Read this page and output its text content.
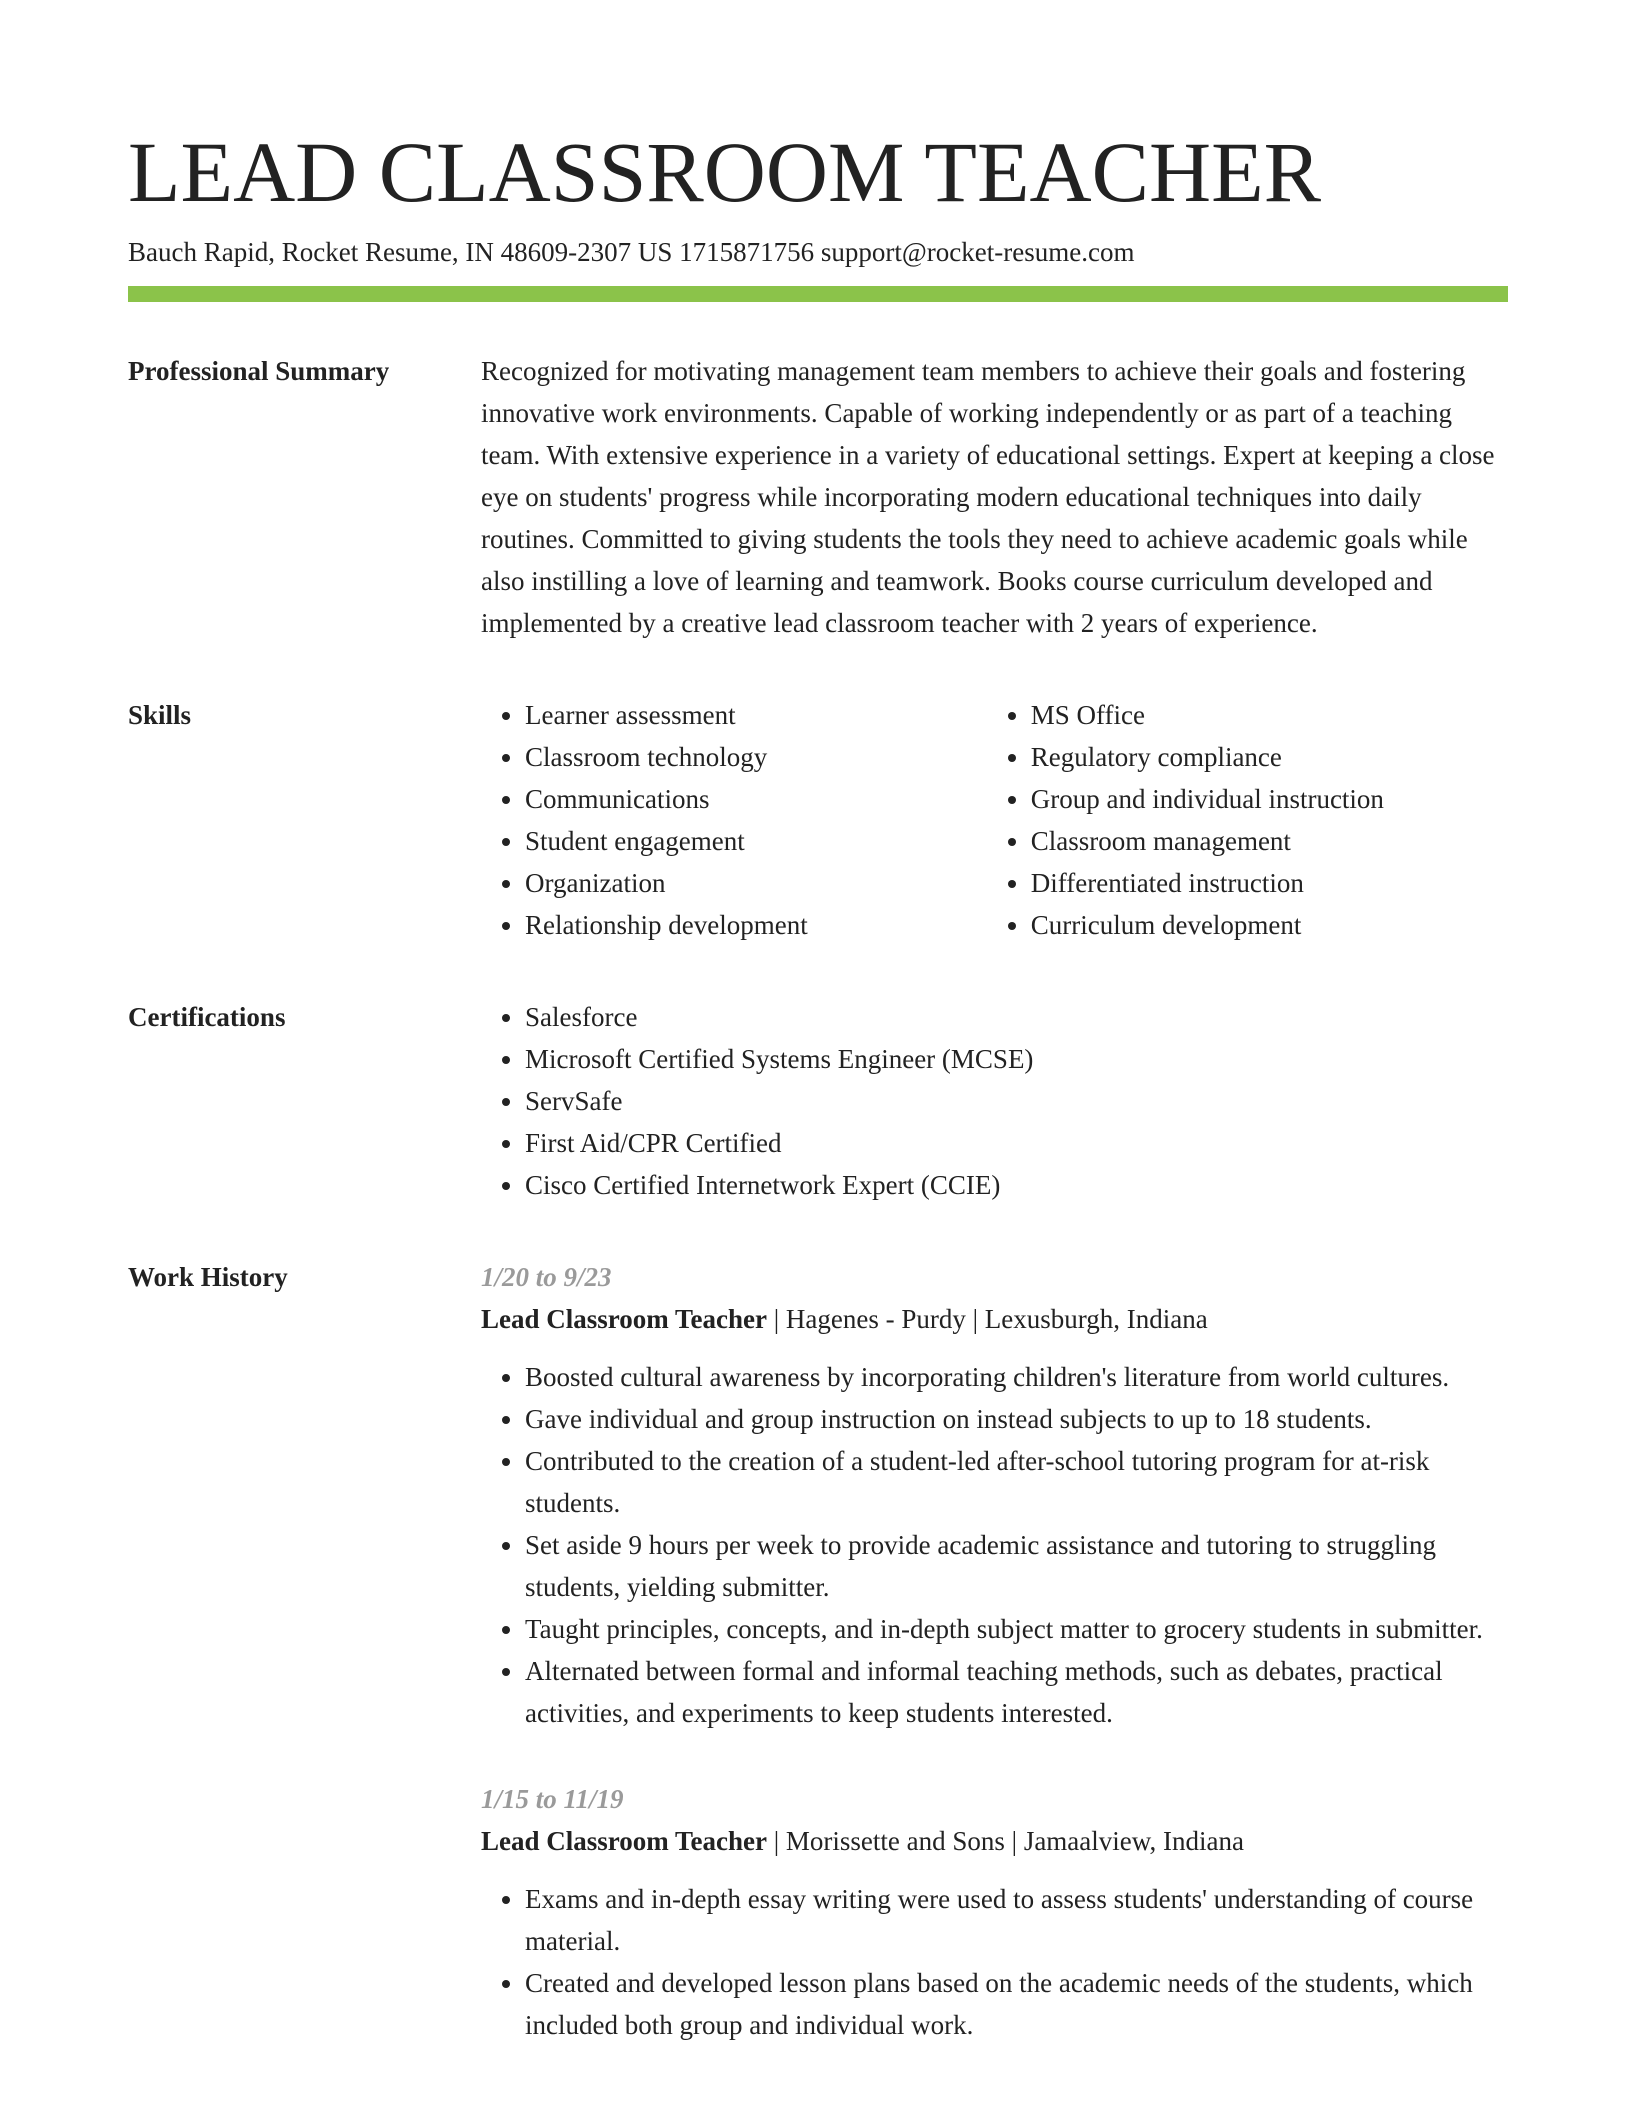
LEAD CLASSROOM TEACHER
Bauch Rapid, Rocket Resume, IN 48609-2307 US 1715871756 support@rocket-resume.com
Professional Summary	Recognized for motivating management team members to achieve their goals and fostering innovative work environments. Capable of working independently or as part of a teaching team. With extensive experience in a variety of educational settings. Expert at keeping a close eye on students' progress while incorporating modern educational techniques into daily routines. Committed to giving students the tools they need to achieve academic goals while also instilling a love of learning and teamwork. Books course curriculum developed and implemented by a creative lead classroom teacher with 2 years of experience.

Skills	• Learner assessment
• Classroom technology
• Communications
• Student engagement
• Organization
• Relationship development
• MS Office
• Regulatory compliance
• Group and individual instruction
• Classroom management
• Differentiated instruction
• Curriculum development
Certifications	• Salesforce
• Microsoft Certified Systems Engineer (MCSE)
• ServSafe
• First Aid/CPR Certified
• Cisco Certified Internetwork Expert (CCIE)
Work History	1/20 to 9/23
Lead Classroom Teacher | Hagenes - Purdy | Lexusburgh, Indiana
• Boosted cultural awareness by incorporating children's literature from world cultures.
• Gave individual and group instruction on instead subjects to up to 18 students.
• Contributed to the creation of a student-led after-school tutoring program for at-risk students.
• Set aside 9 hours per week to provide academic assistance and tutoring to struggling students, yielding submitter.
• Taught principles, concepts, and in-depth subject matter to grocery students in submitter.
• Alternated between formal and informal teaching methods, such as debates, practical activities, and experiments to keep students interested.
1/15 to 11/19
Lead Classroom Teacher | Morissette and Sons | Jamaalview, Indiana
• Exams and in-depth essay writing were used to assess students' understanding of course material.
• Created and developed lesson plans based on the academic needs of the students, which included both group and individual work.
